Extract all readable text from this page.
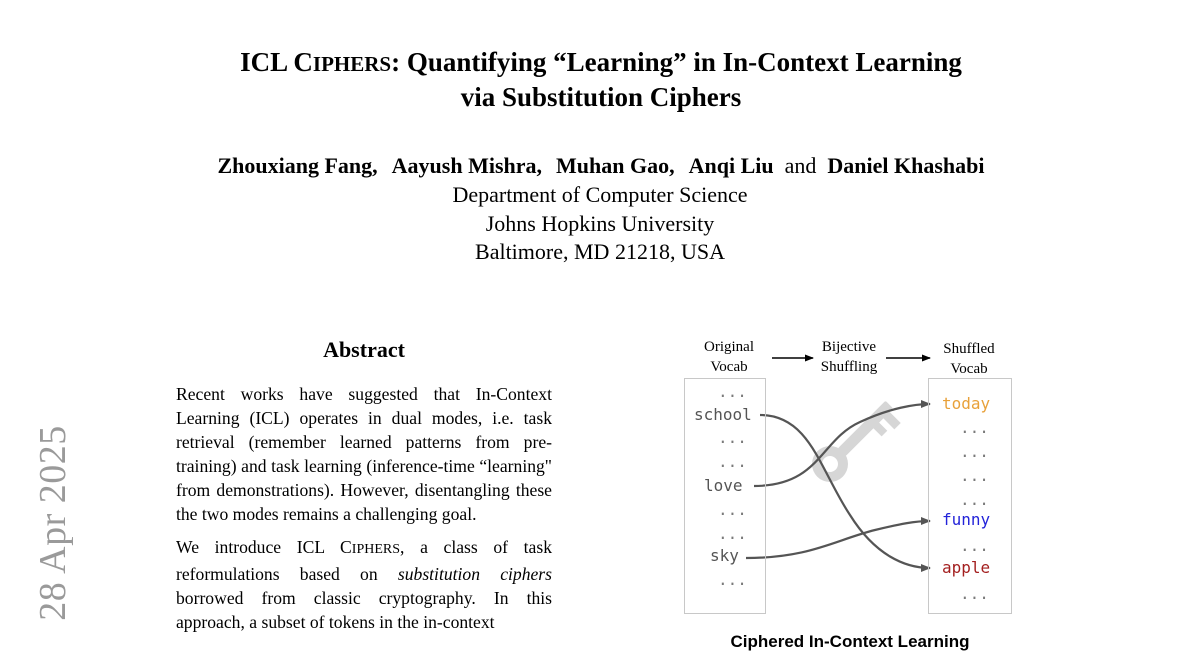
ICL CIPHERS: Quantifying “Learning” in In-Context Learning
via Substitution Ciphers
Zhouxiang Fang, Aayush Mishra, Muhan Gao, Anqi Liu and Daniel Khashabi
Department of Computer Science
Johns Hopkins University
Baltimore, MD 21218, USA
28 Apr 2025
Abstract

Recent works have suggested that In-Context Learning (ICL) operates in dual modes, i.e. task retrieval (remember learned patterns from pre-training) and task learning (inference-time “learning" from demonstrations). However, disentangling these the two modes remains a challenging goal.

We introduce ICL CIPHERS, a class of task reformulations based on substitution ciphers borrowed from classic cryptography. In this approach, a subset of tokens in the in-context

Original
Vocab
Bijective
Shuffling
Shuffled
Vocab
...
school
...
...
love
...
...
sky
...
today
...
...
...
...
funny
...
apple
...
Ciphered In-Context Learning
